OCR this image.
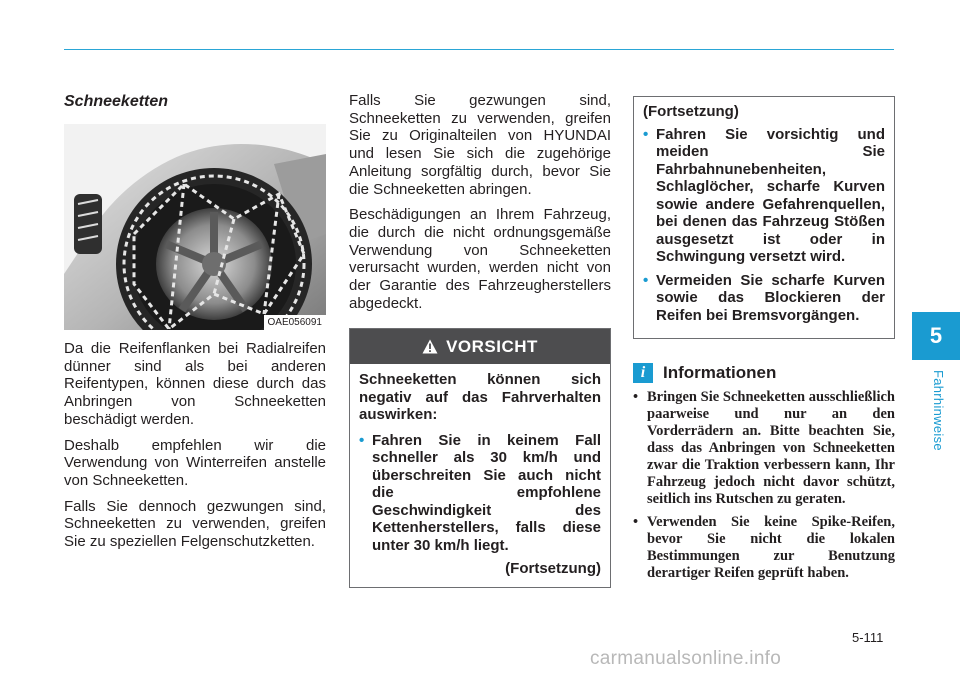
5
Fahrhinweise
Schneeketten
OAE056091

Da die Reifenflanken bei Radialreifen dünner sind als bei anderen Reifentypen, können diese durch das Anbringen von Schneeketten beschädigt werden.

Deshalb empfehlen wir die Verwendung von Winterreifen anstelle von Schneeketten.

Falls Sie dennoch gezwungen sind, Schneeketten zu verwenden, greifen Sie zu speziellen Felgenschutzketten.

Falls Sie gezwungen sind, Schneeketten zu verwenden, greifen Sie zu Originalteilen von HYUNDAI und lesen Sie sich die zugehörige Anleitung sorgfältig durch, bevor Sie die Schneeketten abringen.

Beschädigungen an Ihrem Fahrzeug, die durch die nicht ordnungsgemäße Verwendung von Schneeketten verursacht wurden, werden nicht von der Garantie des Fahrzeugherstellers abgedeckt.

VORSICHT

Schneeketten können sich negativ auf das Fahrverhalten auswirken:

• Fahren Sie in keinem Fall schneller als 30 km/h und überschreiten Sie auch nicht die empfohlene Geschwindigkeit des Kettenherstellers, falls diese unter 30 km/h liegt.
(Fortsetzung)
(Fortsetzung)
• Fahren Sie vorsichtig und meiden Sie Fahrbahnunebenheiten, Schlaglöcher, scharfe Kurven sowie andere Gefahrenquellen, bei denen das Fahrzeug Stößen ausgesetzt ist oder in Schwingung versetzt wird.
• Vermeiden Sie scharfe Kurven sowie das Blockieren der Reifen bei Bremsvorgängen.
i	Informationen
• Bringen Sie Schneeketten ausschließlich paarweise und nur an den Vorderrädern an. Bitte beachten Sie, dass das Anbringen von Schneeketten zwar die Traktion verbessern kann, Ihr Fahrzeug jedoch nicht davor schützt, seitlich ins Rutschen zu geraten.
• Verwenden Sie keine Spike-Reifen, bevor Sie nicht die lokalen Bestimmungen zur Benutzung derartiger Reifen geprüft haben.
5-111
carmanualsonline.info
